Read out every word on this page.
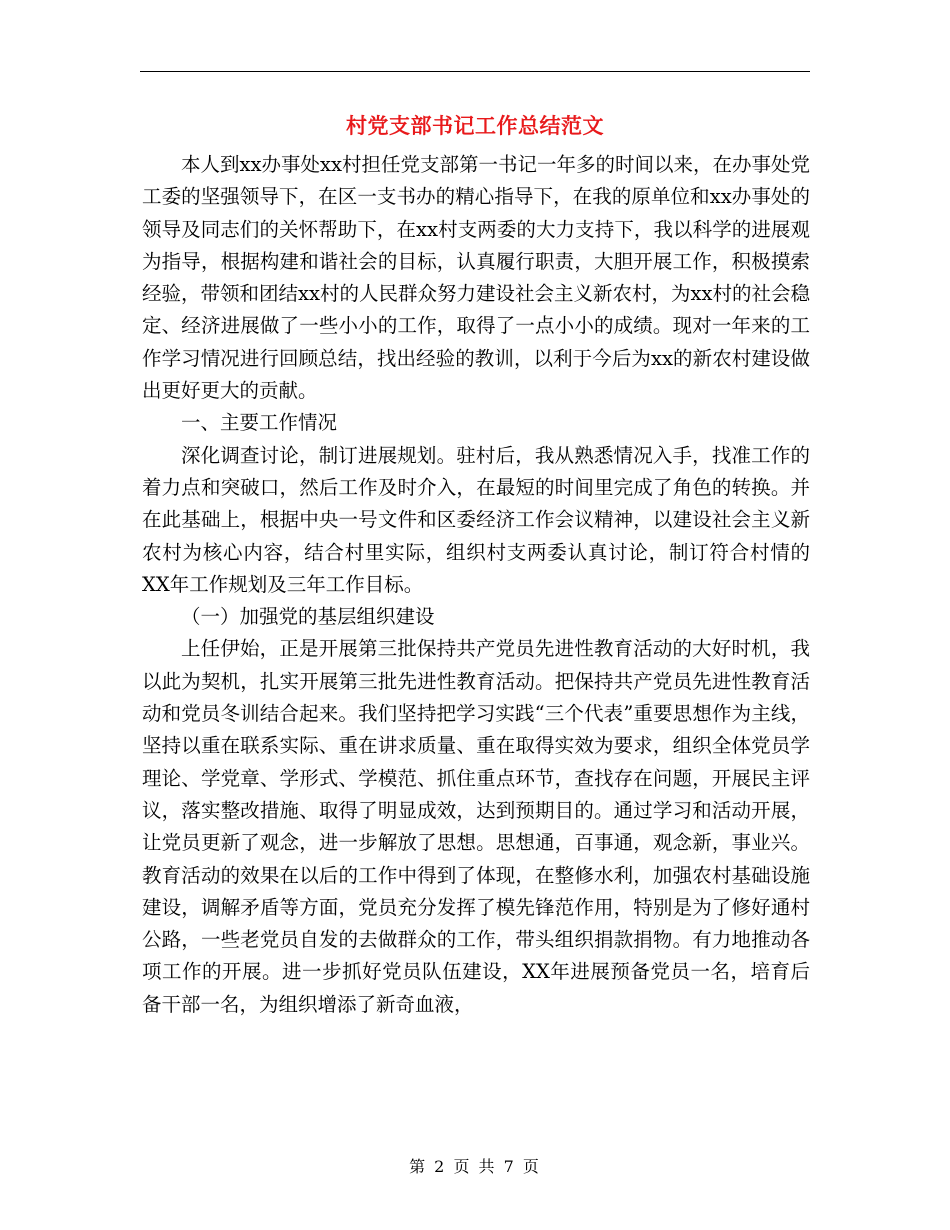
村党支部书记工作总结范文

本人到xx办事处xx村担任党支部第一书记一年多的时间以来，在办事处党工委的坚强领导下，在区一支书办的精心指导下，在我的原单位和xx办事处的领导及同志们的关怀帮助下，在xx村支两委的大力支持下，我以科学的进展观为指导，根据构建和谐社会的目标，认真履行职责，大胆开展工作，积极摸索经验，带领和团结xx村的人民群众努力建设社会主义新农村，为xx村的社会稳定、经济进展做了一些小小的工作，取得了一点小小的成绩。现对一年来的工作学习情况进行回顾总结，找出经验的教训，以利于今后为xx的新农村建设做出更好更大的贡献。

一、主要工作情况

深化调查讨论，制订进展规划。驻村后，我从熟悉情况入手，找准工作的着力点和突破口，然后工作及时介入，在最短的时间里完成了角色的转换。并在此基础上，根据中央一号文件和区委经济工作会议精神，以建设社会主义新农村为核心内容，结合村里实际，组织村支两委认真讨论，制订符合村情的XX年工作规划及三年工作目标。

（一）加强党的基层组织建设

上任伊始，正是开展第三批保持共产党员先进性教育活动的大好时机，我以此为契机，扎实开展第三批先进性教育活动。把保持共产党员先进性教育活动和党员冬训结合起来。我们坚持把学习实践“三个代表”重要思想作为主线，坚持以重在联系实际、重在讲求质量、重在取得实效为要求，组织全体党员学理论、学党章、学形式、学模范、抓住重点环节，查找存在问题，开展民主评议，落实整改措施、取得了明显成效，达到预期目的。通过学习和活动开展，让党员更新了观念，进一步解放了思想。思想通，百事通，观念新，事业兴。教育活动的效果在以后的工作中得到了体现，在整修水利，加强农村基础设施建设，调解矛盾等方面，党员充分发挥了模先锋范作用，特别是为了修好通村公路，一些老党员自发的去做群众的工作，带头组织捐款捐物。有力地推动各项工作的开展。进一步抓好党员队伍建设，XX年进展预备党员一名，培育后备干部一名，为组织增添了新奇血液，

第 2 页 共 7 页
